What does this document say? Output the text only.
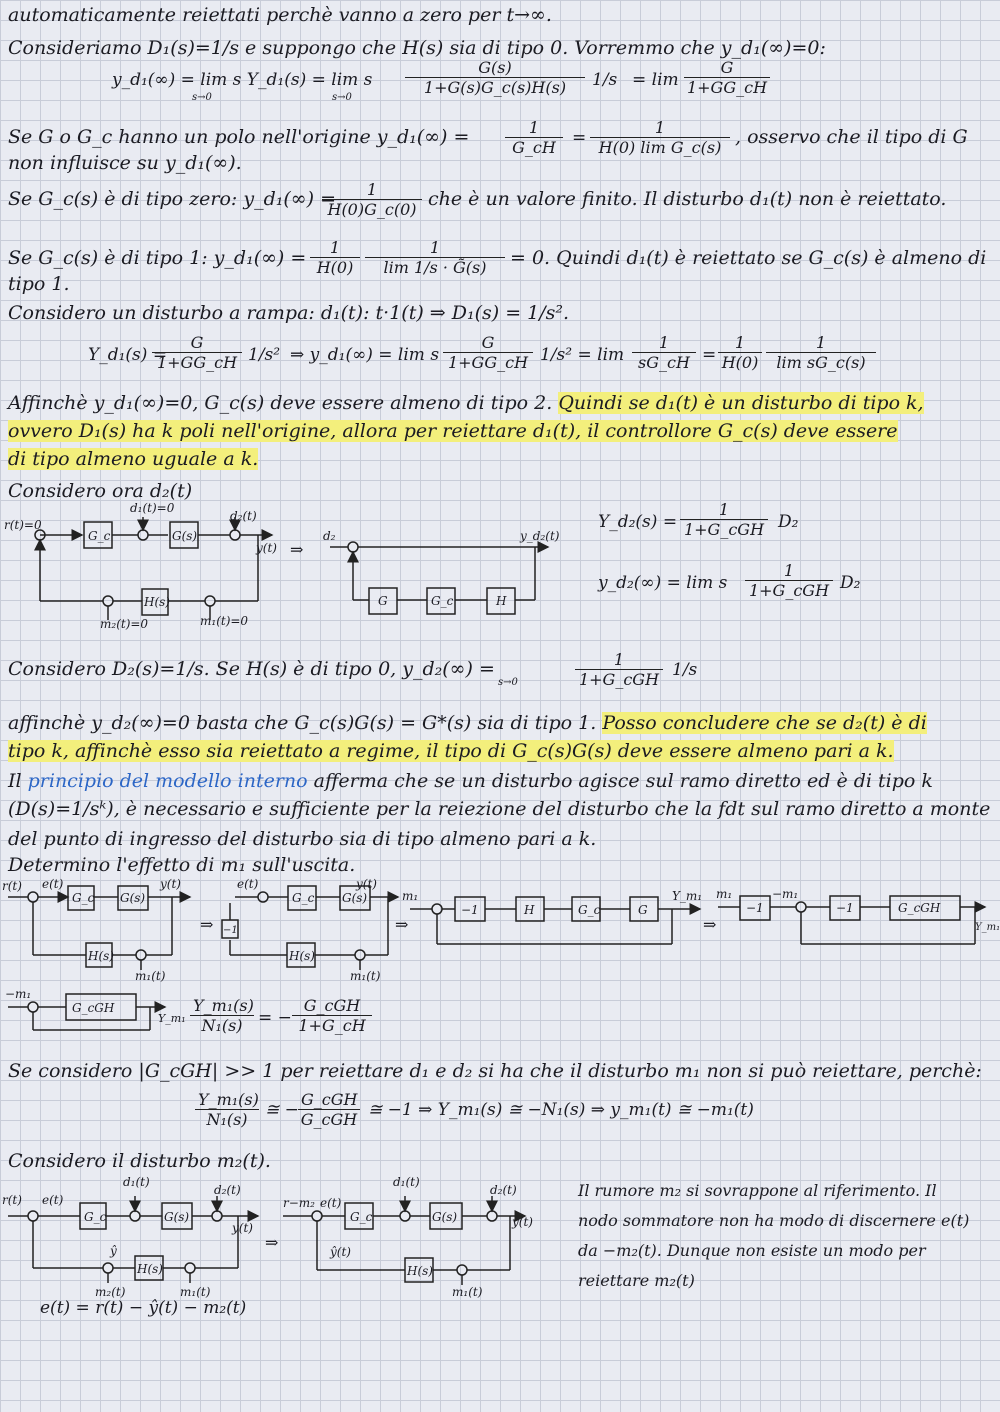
automaticamente reiettati perchè vanno a zero per t→∞.
Consideriamo D₁(s)=1/s e suppongo che H(s) sia di tipo 0. Vorremmo che y_d₁(∞)=0:
y_d₁(∞) = lim s Y_d₁(s) = lim s $\frac{G(s)}{1+G(s)G\_c(s)H(s)} 1/s = \lim \frac{G}{1+GG\_cH}$
Se G o G_c hanno un polo nell'origine y_d₁(∞) = $\frac{1}{G\_cH} = \frac{1}{\text{H(0) lim G\_c(s)}}$ , osservo che il tipo di G
non influisce su y_d₁(∞).
Se G_c(s) è di tipo zero: y_d₁(∞) =
$\frac{1}{H(0)G\_c(0)}$ che è un valore finito. Il disturbo d₁(t) non è reiettato.
Se G_c(s) è di tipo 1: y_d₁(∞) = $\frac{1}{H(0)} \frac{1}{\lim 1/s \cdot G̃(s)} = 0$. Quindi d₁(t) è reiettato se G_c(s) è almeno di
tipo 1.
Considero un disturbo a rampa: d₁(t): t·1(t) ⇒ D₁(s) = 1/s².
Y_d₁(s) =
$\frac{G}{1+GG\_cH} 1/s^2$ ⇒ y_d₁(∞) = lim s $\frac{G}{1+GG\_cH} 1/s^2 = \lim \frac{1}{sG\_cH} = \frac{1}{H(0)} \frac{1}{\text{lim sG\_c(s)}}$
Affinchè y_d₁(∞)=0, G_c(s) deve essere almeno di tipo 2. Quindi se d₁(t) è un disturbo di tipo k,
ovvero D₁(s) ha k poli nell'origine, allora per reiettare d₁(t), il controllore G_c(s) deve essere
di tipo almeno uguale a k.
Considero ora d₂(t)
Y_d₂(s) =
1
1+G_cGH D₂
y_d₂(∞) = lim s
1
1+G_cGH D₂
Considero D₂(s)=1/s. Se H(s) è di tipo 0, y_d₂(∞) =	1
1+G_cGH 1/s
affinchè y_d₂(∞)=0 basta che G_c(s)G(s) = G*(s) sia di tipo 1. Posso concludere che se d₂(t) è di
tipo k, affinchè esso sia reiettato a regime, il tipo di G_c(s)G(s) deve essere almeno pari a k.
Il principio del modello interno afferma che se un disturbo agisce sul ramo diretto ed è di tipo k
(D(s)=1/sᵏ), è necessario e sufficiente per la reiezione del disturbo che la fdt sul ramo diretto a monte
del punto di ingresso del disturbo sia di tipo almeno pari a k.
Determino l'effetto di m₁ sull'uscita.
$\frac{\text{Y\_m₁(s)}}{\text{N₁(s)}}$ = −
G_cGH
1+G_cH
Se considero |G_cGH| >> 1 per reiettare d₁ e d₂ si ha che il disturbo m₁ non si può reiettare, perchè:
$\frac{\text{Y\_m₁(s)}}{\text{N₁(s)}}$ ≅ −
G_cGH
G_cGH ≅ −1 ⇒ Y_m₁(s) ≅ −N₁(s) ⇒ y_m₁(t) ≅ −m₁(t)
Considero il disturbo m₂(t).
Il rumore m₂ si sovrappone al riferimento. Il
nodo sommatore non ha modo di discernere e(t)
da −m₂(t). Dunque non esiste un modo per
reiettare m₂(t)
e(t) = r(t) − ŷ(t) − m₂(t)
s→0	s→0
s→0
r(t)=0
d₁(t)=0
d₂(t)
G_c	G(s)
y(t)
H(s)
m₂(t)=0	m₁(t)=0
⇒
d₂	y_d₂(t)
G	G_c	H
r(t) e(t)
G_c G(s)
y(t)
H(s)
m₁(t)
⇒
e(t)
G_c G(s)
y(t)
−1
H(s)
m₁(t)
⇒
m₁
−1	H	G_c	G
Y_m₁
⇒
m₁
−1
−m₁
−1	G_cGH
Y_m₁
−m₁
G_cGH
Y_m₁
r(t) e(t)
G_c
d₁(t)
G(s)
d₂(t)
y(t)
ŷ
H(s)
m₂(t)	m₁(t)
⇒
r−m₂ e(t)
G_c
d₁(t)
G(s)
d₂(t)
y(t)
ŷ(t)
H(s)
m₁(t)
